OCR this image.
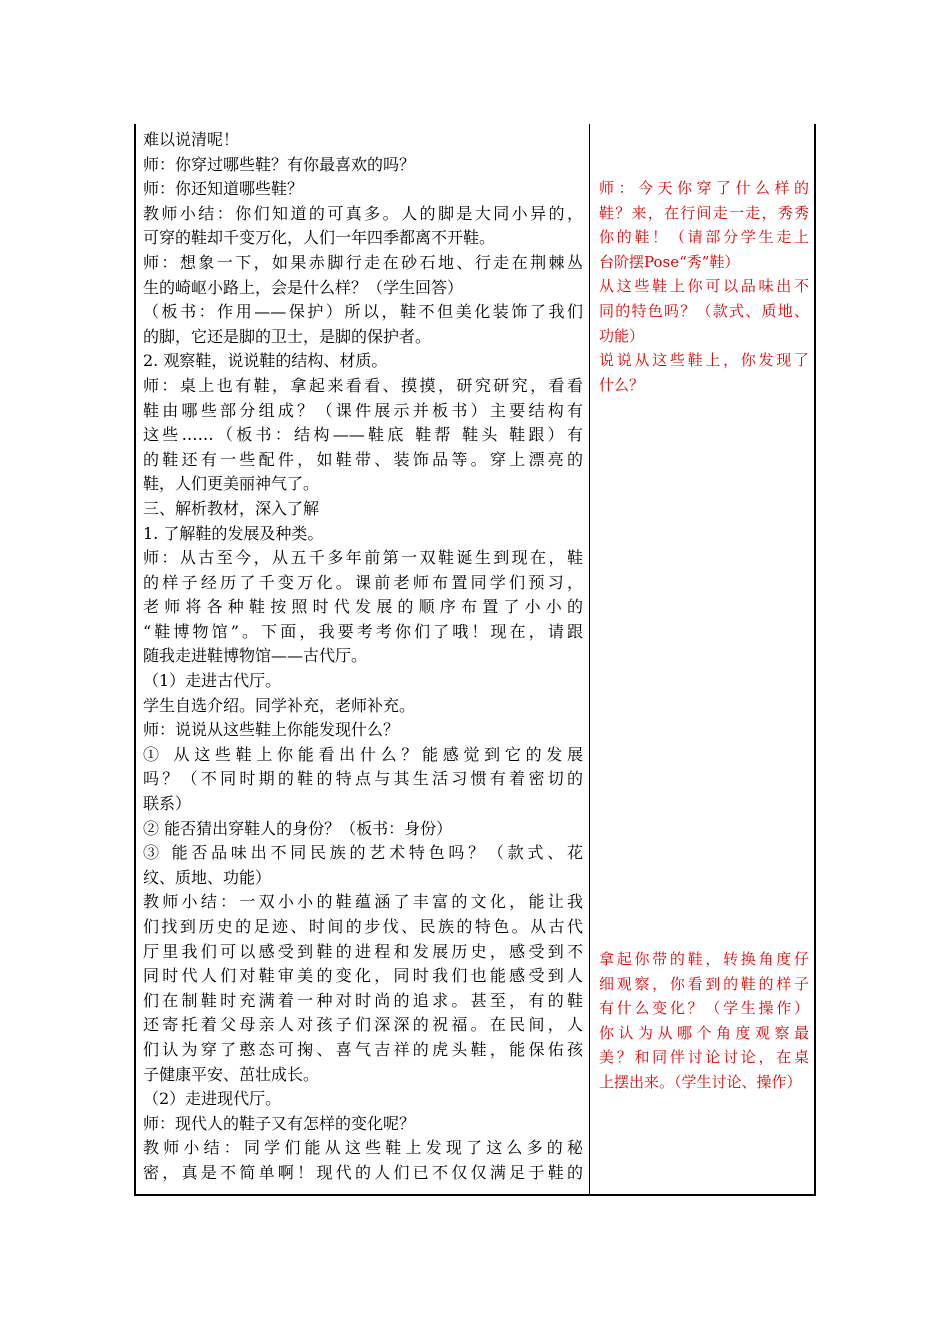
难以说清呢！
师：你穿过哪些鞋？有你最喜欢的吗？
师：你还知道哪些鞋？
教师小结：你们知道的可真多。人的脚是大同小异的，
可穿的鞋却千变万化，人们一年四季都离不开鞋。
师：想象一下，如果赤脚行走在砂石地、行走在荆棘丛
生的崎岖小路上，会是什么样？（学生回答）
（板书：作用——保护）所以，鞋不但美化装饰了我们
的脚，它还是脚的卫士，是脚的保护者。
2. 观察鞋，说说鞋的结构、材质。
师：桌上也有鞋，拿起来看看、摸摸，研究研究，看看
鞋由哪些部分组成？（课件展示并板书）主要结构有
这些……（板书：结构——鞋底 鞋帮 鞋头 鞋跟）有
的鞋还有一些配件，如鞋带、装饰品等。穿上漂亮的
鞋，人们更美丽神气了。
三、解析教材，深入了解
1. 了解鞋的发展及种类。
师：从古至今，从五千多年前第一双鞋诞生到现在，鞋
的样子经历了千变万化。课前老师布置同学们预习，
老师将各种鞋按照时代发展的顺序布置了小小的
“鞋博物馆”。下面，我要考考你们了哦！现在，请跟
随我走进鞋博物馆——古代厅。
（1）走进古代厅。
学生自选介绍。同学补充，老师补充。
师：说说从这些鞋上你能发现什么？
① 从这些鞋上你能看出什么？能感觉到它的发展
吗？（不同时期的鞋的特点与其生活习惯有着密切的
联系）
② 能否猜出穿鞋人的身份？（板书：身份）
③ 能否品味出不同民族的艺术特色吗？（款式、花
纹、质地、功能）
教师小结：一双小小的鞋蕴涵了丰富的文化，能让我
们找到历史的足迹、时间的步伐、民族的特色。从古代
厅里我们可以感受到鞋的进程和发展历史，感受到不
同时代人们对鞋审美的变化，同时我们也能感受到人
们在制鞋时充满着一种对时尚的追求。甚至，有的鞋
还寄托着父母亲人对孩子们深深的祝福。在民间，人
们认为穿了憨态可掬、喜气吉祥的虎头鞋，能保佑孩
子健康平安、茁壮成长。
（2）走进现代厅。
师：现代人的鞋子又有怎样的变化呢？
教师小结：同学们能从这些鞋上发现了这么多的秘
密，真是不简单啊！现代的人们已不仅仅满足于鞋的
师：今天你穿了什么样的
鞋？来，在行间走一走，秀秀
你的鞋！（请部分学生走上
台阶摆Pose“秀”鞋）
从这些鞋上你可以品味出不
同的特色吗？（款式、质地、
功能）
说说从这些鞋上，你发现了
什么？
拿起你带的鞋，转换角度仔
细观察，你看到的鞋的样子
有什么变化？（学生操作）
你认为从哪个角度观察最
美？和同伴讨论讨论，在桌
上摆出来。（学生讨论、操作）
